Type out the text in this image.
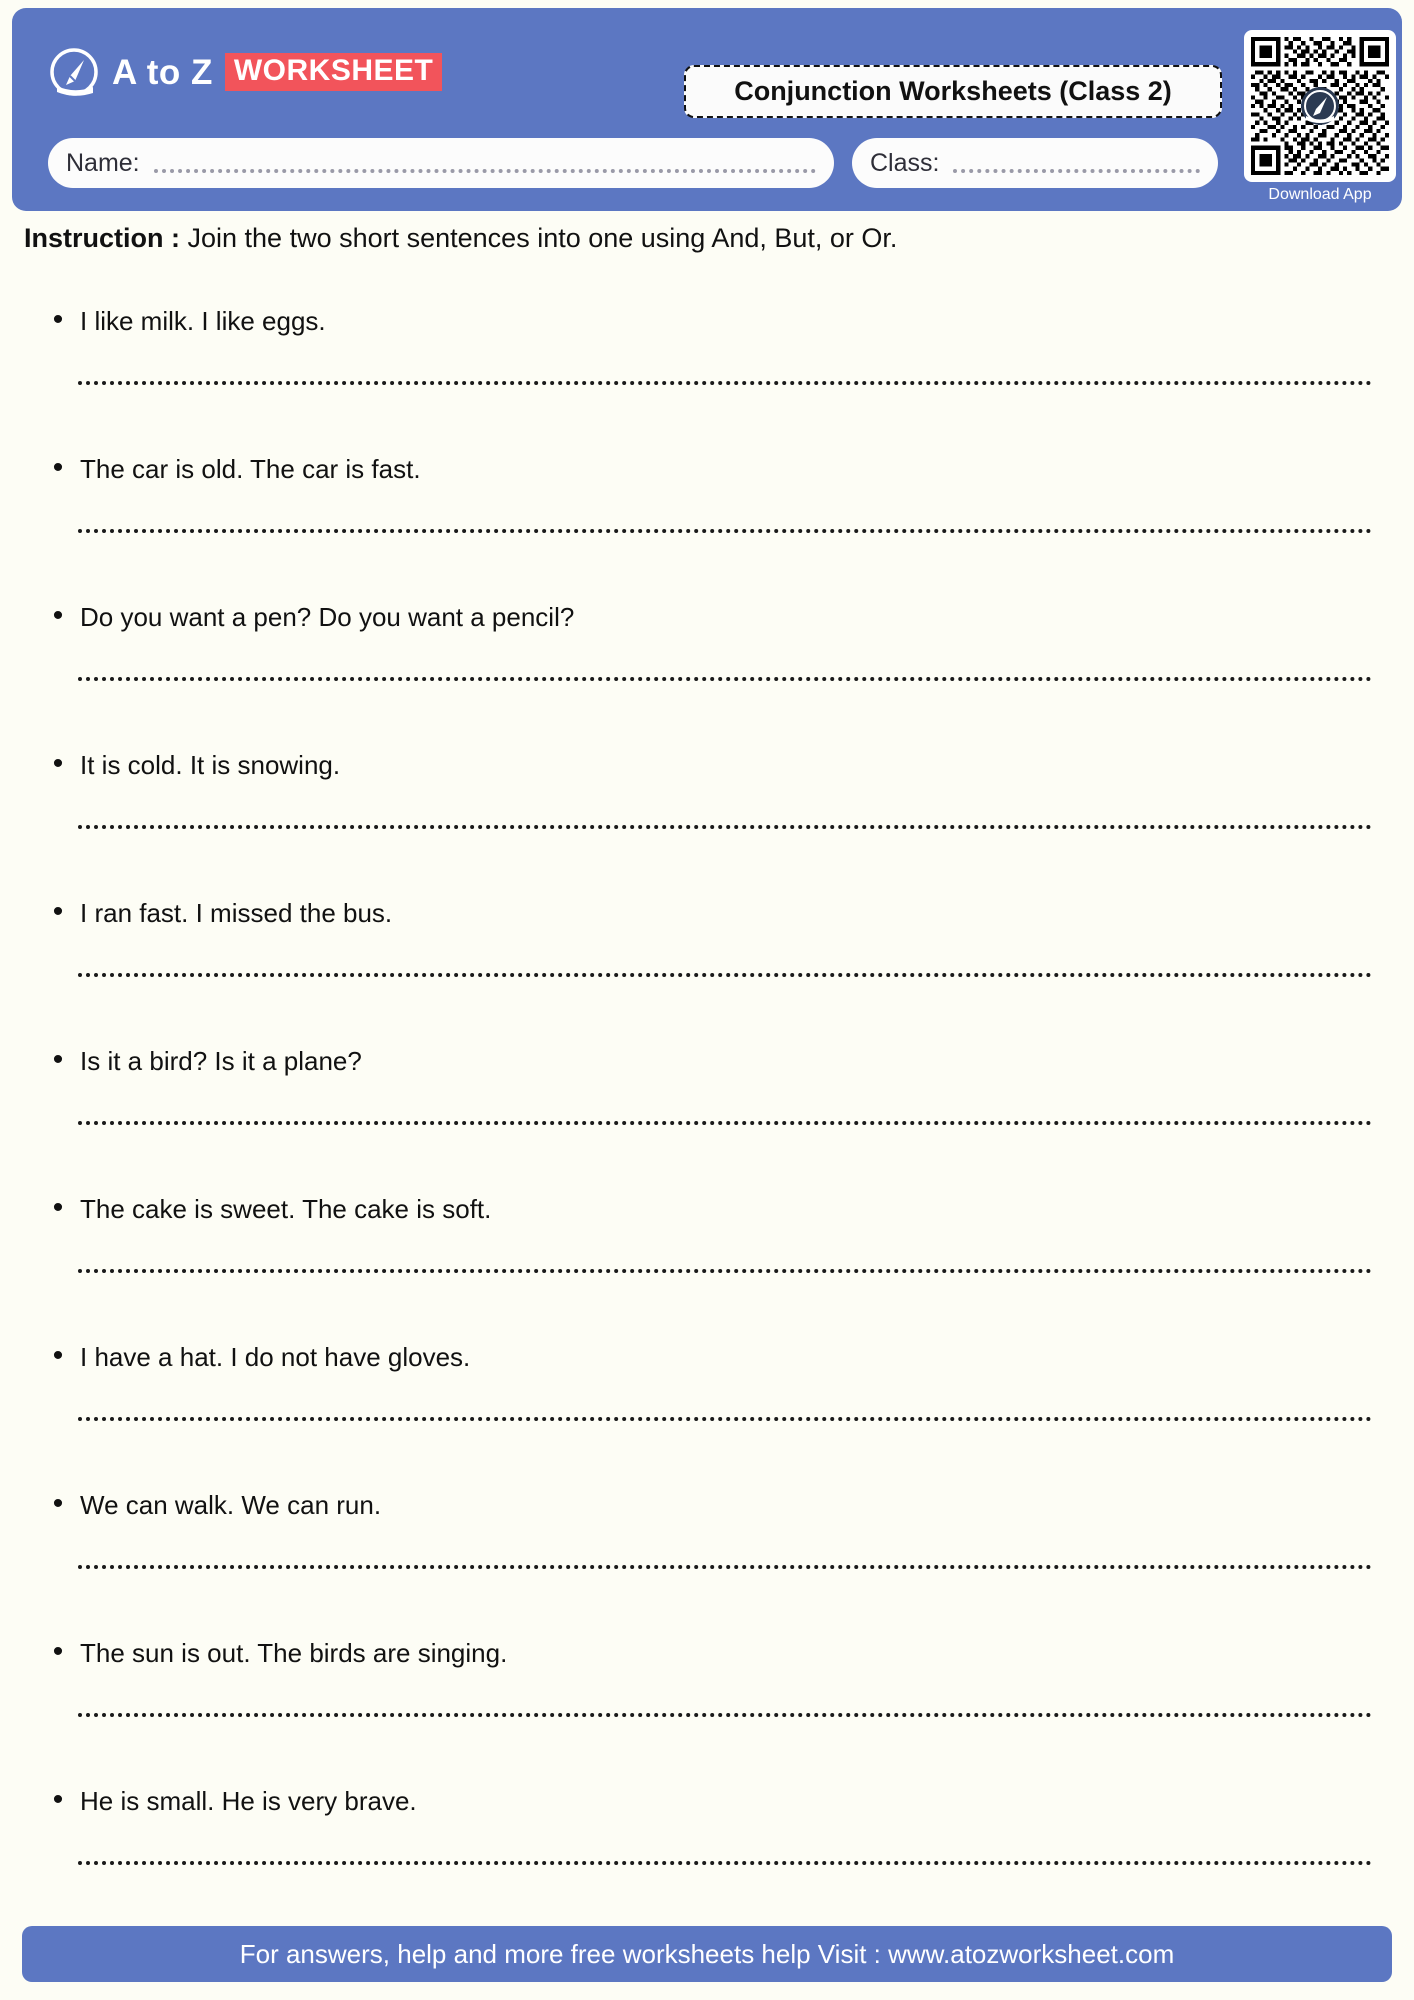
A to Z WORKSHEET
Conjunction Worksheets (Class 2)
Name:	Class:
Download App
Instruction : Join the two short sentences into one using And, But, or Or.
• I like milk. I like eggs.
• The car is old. The car is fast.
• Do you want a pen? Do you want a pencil?
• It is cold. It is snowing.
• I ran fast. I missed the bus.
• Is it a bird? Is it a plane?
• The cake is sweet. The cake is soft.
• I have a hat. I do not have gloves.
• We can walk. We can run.
• The sun is out. The birds are singing.
• He is small. He is very brave.
For answers, help and more free worksheets help Visit : www.atozworksheet.com
